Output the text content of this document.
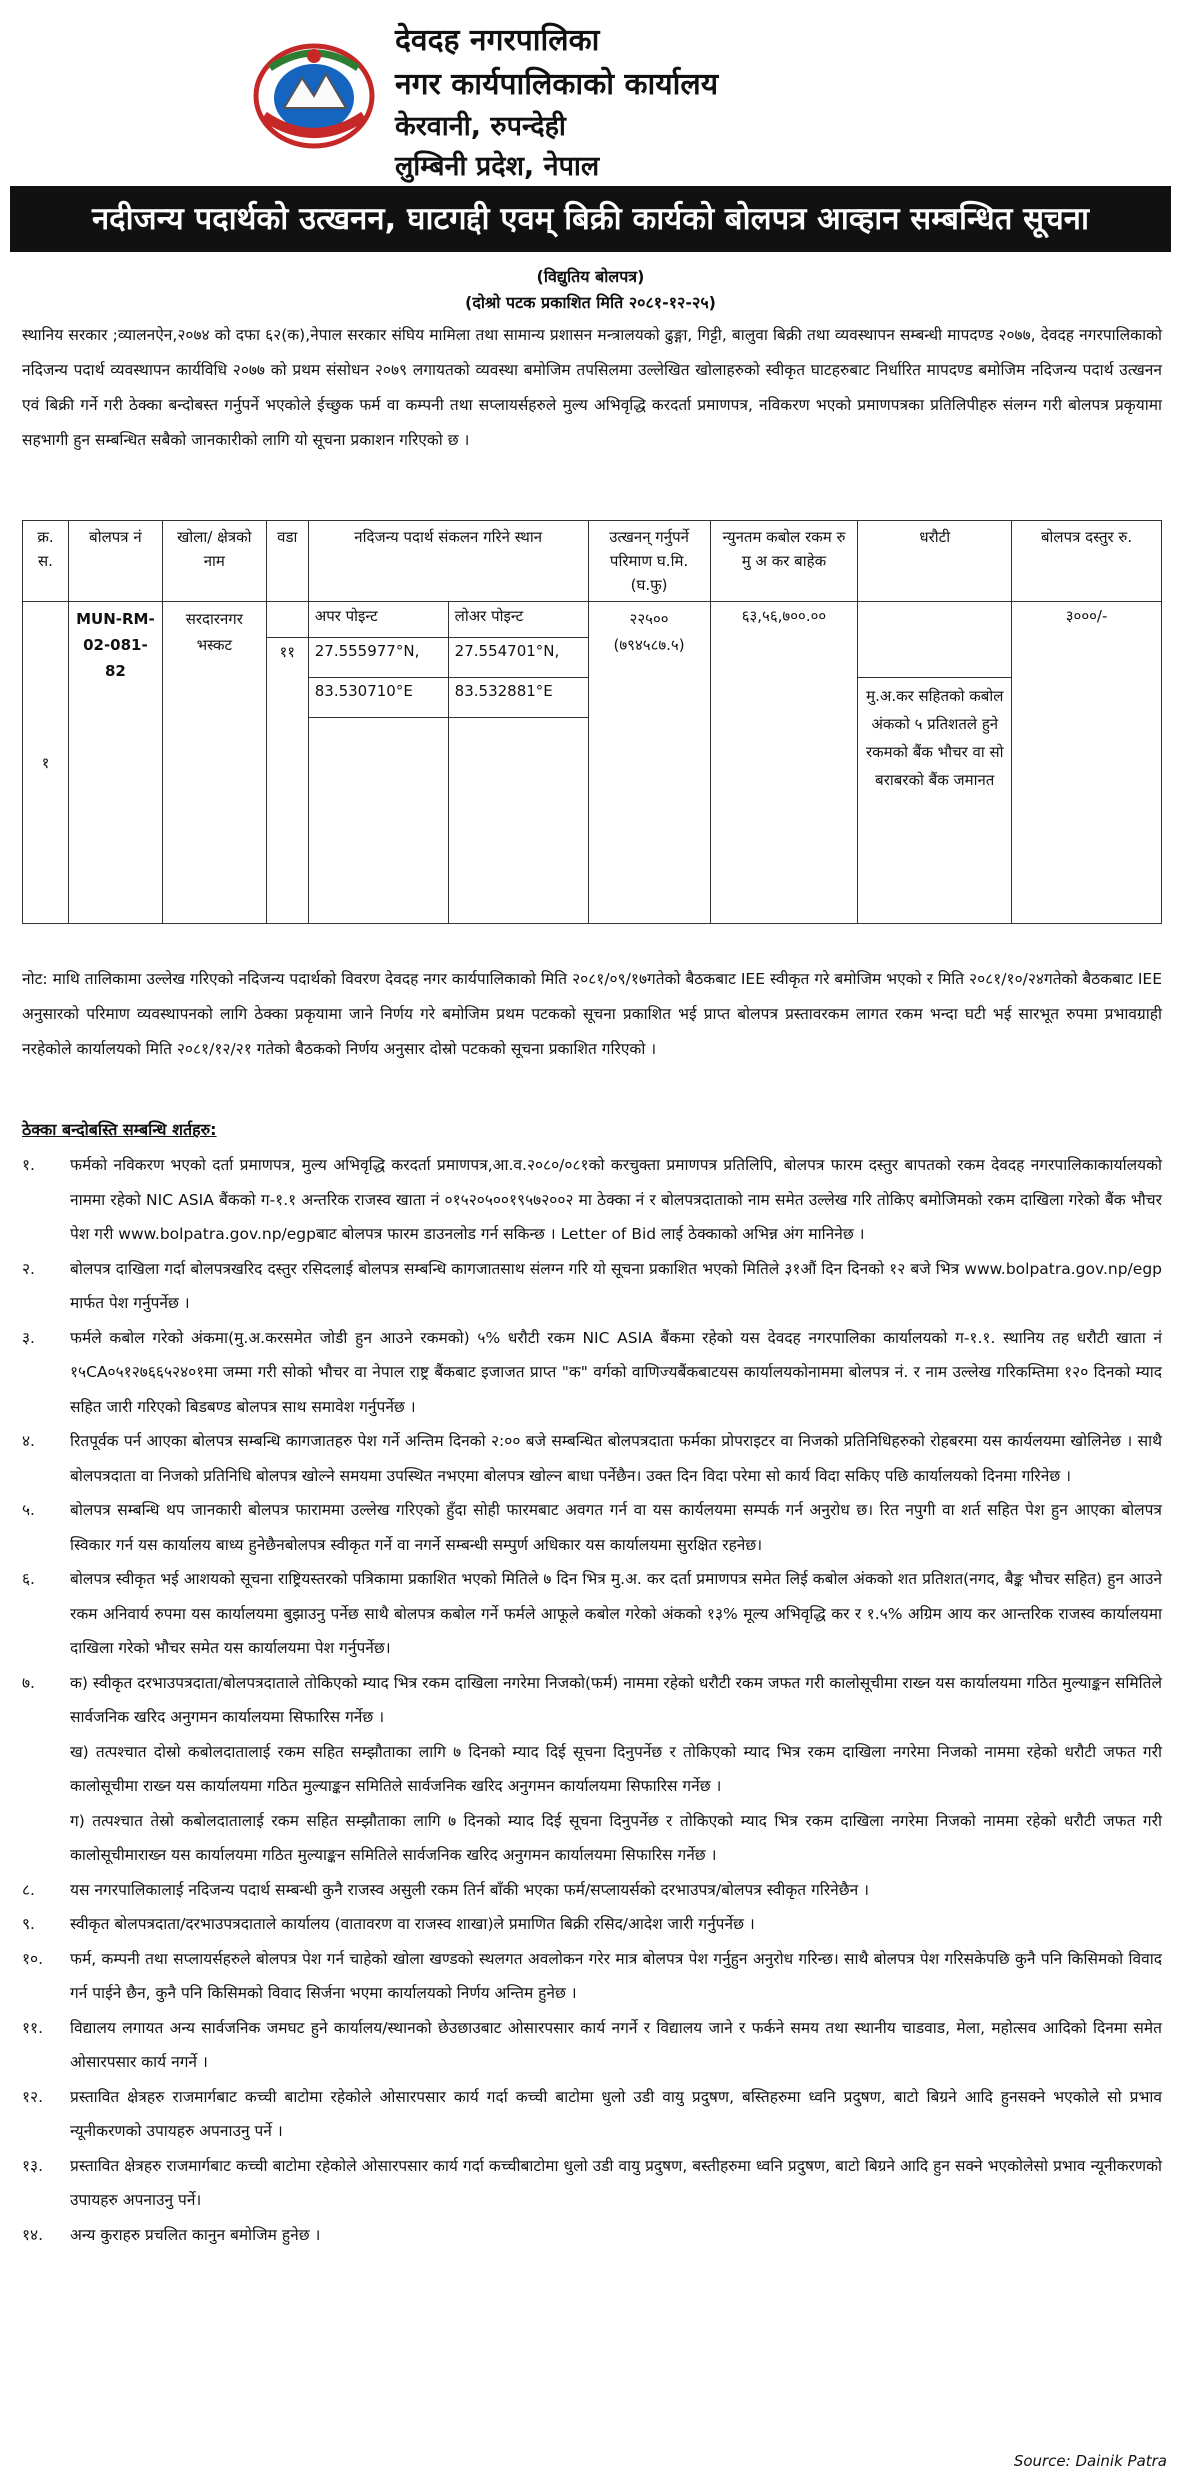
देवदह नगरपालिका
नगर कार्यपालिकाको कार्यालय
केरवानी, रुपन्देही
लुम्बिनी प्रदेश, नेपाल
नदीजन्य पदार्थको उत्खनन, घाटगद्दी एवम् बिक्री कार्यको बोलपत्र आव्हान सम्बन्धित सूचना
(विद्युतिय बोलपत्र)
(दोश्रो पटक प्रकाशित मिति २०८१-१२-२५)
स्थानिय सरकार ;व्यालनऐन,२०७४ को दफा ६२(क),नेपाल सरकार संघिय मामिला तथा सामान्य प्रशासन मन्त्रालयको ढुङ्गा, गिट्टी, बालुवा बिक्री तथा व्यवस्थापन सम्बन्धी मापदण्ड २०७७, देवदह नगरपालिकाको नदिजन्य पदार्थ व्यवस्थापन कार्यविधि २०७७ को प्रथम संसोधन २०७९ लगायतको व्यवस्था बमोजिम तपसिलमा उल्लेखित खोलाहरुको स्वीकृत घाटहरुबाट निर्धारित मापदण्ड बमोजिम नदिजन्य पदार्थ उत्खनन एवं बिक्री गर्ने गरी ठेक्का बन्दोबस्त गर्नुपर्ने भएकोले ईच्छुक फर्म वा कम्पनी तथा सप्लायर्सहरुले मुल्य अभिवृद्धि करदर्ता प्रमाणपत्र, नविकरण भएको प्रमाणपत्रका प्रतिलिपीहरु संलग्न गरी बोलपत्र प्रकृयामा सहभागी हुन सम्बन्धित सबैको जानकारीको लागि यो सूचना प्रकाशन गरिएको छ ।
क्र. स.	बोलपत्र नं	खोला/ क्षेत्रको नाम	वडा	नदिजन्य पदार्थ संकलन गरिने स्थान		उत्खनन् गर्नुपर्ने परिमाण घ.मि.(घ.फु)	न्युनतम कबोल रकम रु मु अ कर बाहेक	धरौटी	बोलपत्र दस्तुर रु.
१	MUN-RM-02-081-82	सरदारनगर भस्कट		अपर पोइन्ट	लोअर पोइन्ट	२२५०० (७९४५८७.५)	६३,५६,७००.००		३०००/-
			११	27.555977°N,	27.554701°N,				
				83.530710°E	83.532881°E			मु.अ.कर सहितको कबोल अंकको ५ प्रतिशतले हुने रकमको बैंक भौचर वा सो बराबरको बैंक जमानत	

नोट: माथि तालिकामा उल्लेख गरिएको नदिजन्य पदार्थको विवरण देवदह नगर कार्यपालिकाको मिति २०८१/०९/१७गतेको बैठकबाट IEE स्वीकृत गरे बमोजिम भएको र मिति २०८१/१०/२४गतेको बैठकबाट IEE अनुसारको परिमाण व्यवस्थापनको लागि ठेक्का प्रकृयामा जाने निर्णय गरे बमोजिम प्रथम पटकको सूचना प्रकाशित भई प्राप्त बोलपत्र प्रस्तावरकम लागत रकम भन्दा घटी भई सारभूत रुपमा प्रभावग्राही नरहेकोले कार्यालयको मिति २०८१/१२/२१ गतेको बैठकको निर्णय अनुसार दोस्रो पटकको सूचना प्रकाशित गरिएको ।
ठेक्का बन्दोबस्ति सम्बन्धि शर्तहरु:
१.	फर्मको नविकरण भएको दर्ता प्रमाणपत्र, मुल्य अभिवृद्धि करदर्ता प्रमाणपत्र,आ.व.२०८०/०८१को करचुक्ता प्रमाणपत्र प्रतिलिपि, बोलपत्र फारम दस्तुर बापतको रकम देवदह नगरपालिकाकार्यालयको नाममा रहेको NIC ASIA बैंकको ग-१.१ अन्तरिक राजस्व खाता नं ०१५२०५००१९५७२००२ मा ठेक्का नं र बोलपत्रदाताको नाम समेत उल्लेख गरि तोकिए बमोजिमको रकम दाखिला गरेको बैंक भौचर पेश गरी www.bolpatra.gov.np/egpबाट बोलपत्र फारम डाउनलोड गर्न सकिन्छ । Letter of Bid लाई ठेक्काको अभिन्न अंग मानिनेछ ।
२.	बोलपत्र दाखिला गर्दा बोलपत्रखरिद दस्तुर रसिदलाई बोलपत्र सम्बन्धि कागजातसाथ संलग्न गरि यो सूचना प्रकाशित भएको मितिले ३१औं दिन दिनको १२ बजे भित्र www.bolpatra.gov.np/egp मार्फत पेश गर्नुपर्नेछ ।
३.	फर्मले कबोल गरेको अंकमा(मु.अ.करसमेत जोडी हुन आउने रकमको) ५% धरौटी रकम NIC ASIA बैंकमा रहेको यस देवदह नगरपालिका कार्यालयको ग-१.१. स्थानिय तह धरौटी खाता नं १५CA०५१२७६६५२४०१मा जम्मा गरी सोको भौचर वा नेपाल राष्ट्र बैंकबाट इजाजत प्राप्त "क" वर्गको वाणिज्यबैंकबाटयस कार्यालयकोनाममा बोलपत्र नं. र नाम उल्लेख गरिकम्तिमा १२० दिनको म्याद सहित जारी गरिएको बिडबण्ड बोलपत्र साथ समावेश गर्नुपर्नेछ ।
४.	रितपूर्वक पर्न आएका बोलपत्र सम्बन्धि कागजातहरु पेश गर्ने अन्तिम दिनको २:०० बजे सम्बन्धित बोलपत्रदाता फर्मका प्रोपराइटर वा निजको प्रतिनिधिहरुको रोहबरमा यस कार्यलयमा खोलिनेछ । साथै बोलपत्रदाता वा निजको प्रतिनिधि बोलपत्र खोल्ने समयमा उपस्थित नभएमा बोलपत्र खोल्न बाधा पर्नेछैन। उक्त दिन विदा परेमा सो कार्य विदा सकिए पछि कार्यालयको दिनमा गरिनेछ ।
५.	बोलपत्र सम्बन्धि थप जानकारी बोलपत्र फाराममा उल्लेख गरिएको हुँदा सोही फारमबाट अवगत गर्न वा यस कार्यलयमा सम्पर्क गर्न अनुरोध छ। रित नपुगी वा शर्त सहित पेश हुन आएका बोलपत्र स्विकार गर्न यस कार्यालय बाध्य हुनेछैनबोलपत्र स्वीकृत गर्ने वा नगर्ने सम्बन्धी सम्पुर्ण अधिकार यस कार्यालयमा सुरक्षित रहनेछ।
६.	बोलपत्र स्वीकृत भई आशयको सूचना राष्ट्रियस्तरको पत्रिकामा प्रकाशित भएको मितिले ७ दिन भित्र मु.अ. कर दर्ता प्रमाणपत्र समेत लिई कबोल अंकको शत प्रतिशत(नगद, बैङ्क भौचर सहित) हुन आउने रकम अनिवार्य रुपमा यस कार्यालयमा बुझाउनु पर्नेछ साथै बोलपत्र कबोल गर्ने फर्मले आफूले कबोल गरेको अंकको १३% मूल्य अभिवृद्धि कर र १.५% अग्रिम आय कर आन्तरिक राजस्व कार्यालयमा दाखिला गरेको भौचर समेत यस कार्यालयमा पेश गर्नुपर्नेछ।
७.	क) स्वीकृत दरभाउपत्रदाता/बोलपत्रदाताले तोकिएको म्याद भित्र रकम दाखिला नगरेमा निजको(फर्म) नाममा रहेको धरौटी रकम जफत गरी कालोसूचीमा राख्न यस कार्यालयमा गठित मुल्याङ्कन समितिले सार्वजनिक खरिद अनुगमन कार्यालयमा सिफारिस गर्नेछ ।
ख) तत्पश्चात दोस्रो कबोलदातालाई रकम सहित सम्झौताका लागि ७ दिनको म्याद दिई सूचना दिनुपर्नेछ र तोकिएको म्याद भित्र रकम दाखिला नगरेमा निजको नाममा रहेको धरौटी जफत गरी कालोसूचीमा राख्न यस कार्यालयमा गठित मुल्याङ्कन समितिले सार्वजनिक खरिद अनुगमन कार्यालयमा सिफारिस गर्नेछ ।
ग) तत्पश्चात तेस्रो कबोलदातालाई रकम सहित सम्झौताका लागि ७ दिनको म्याद दिई सूचना दिनुपर्नेछ र तोकिएको म्याद भित्र रकम दाखिला नगरेमा निजको नाममा रहेको धरौटी जफत गरी कालोसूचीमाराख्न यस कार्यालयमा गठित मुल्याङ्कन समितिले सार्वजनिक खरिद अनुगमन कार्यालयमा सिफारिस गर्नेछ ।
८.	यस नगरपालिकालाई नदिजन्य पदार्थ सम्बन्धी कुनै राजस्व असुली रकम तिर्न बाँकी भएका फर्म/सप्लायर्सको दरभाउपत्र/बोलपत्र स्वीकृत गरिनेछैन ।
९.	स्वीकृत बोलपत्रदाता/दरभाउपत्रदाताले कार्यालय (वातावरण वा राजस्व शाखा)ले प्रमाणित बिक्री रसिद/आदेश जारी गर्नुपर्नेछ ।
१०.	फर्म, कम्पनी तथा सप्लायर्सहरुले बोलपत्र पेश गर्न चाहेको खोला खण्डको स्थलगत अवलोकन गरेर मात्र बोलपत्र पेश गर्नुहुन अनुरोध गरिन्छ। साथै बोलपत्र पेश गरिसकेपछि कुनै पनि किसिमको विवाद गर्न पाईने छैन, कुनै पनि किसिमको विवाद सिर्जना भएमा कार्यालयको निर्णय अन्तिम हुनेछ ।
११.	विद्यालय लगायत अन्य सार्वजनिक जमघट हुने कार्यालय/स्थानको छेउछाउबाट ओसारपसार कार्य नगर्ने र विद्यालय जाने र फर्कने समय तथा स्थानीय चाडवाड, मेला, महोत्सव आदिको दिनमा समेत ओसारपसार कार्य नगर्ने ।
१२.	प्रस्तावित क्षेत्रहरु राजमार्गबाट कच्ची बाटोमा रहेकोले ओसारपसार कार्य गर्दा कच्ची बाटोमा धुलो उडी वायु प्रदुषण, बस्तिहरुमा ध्वनि प्रदुषण, बाटो बिग्रने आदि हुनसक्ने भएकोले सो प्रभाव न्यूनीकरणको उपायहरु अपनाउनु पर्ने ।
१३.	प्रस्तावित क्षेत्रहरु राजमार्गबाट कच्ची बाटोमा रहेकोले ओसारपसार कार्य गर्दा कच्चीबाटोमा धुलो उडी वायु प्रदुषण, बस्तीहरुमा ध्वनि प्रदुषण, बाटो बिग्रने आदि हुन सक्ने भएकोलेसो प्रभाव न्यूनीकरणको उपायहरु अपनाउनु पर्ने।
१४.	अन्य कुराहरु प्रचलित कानुन बमोजिम हुनेछ ।
Source: Dainik Patra
